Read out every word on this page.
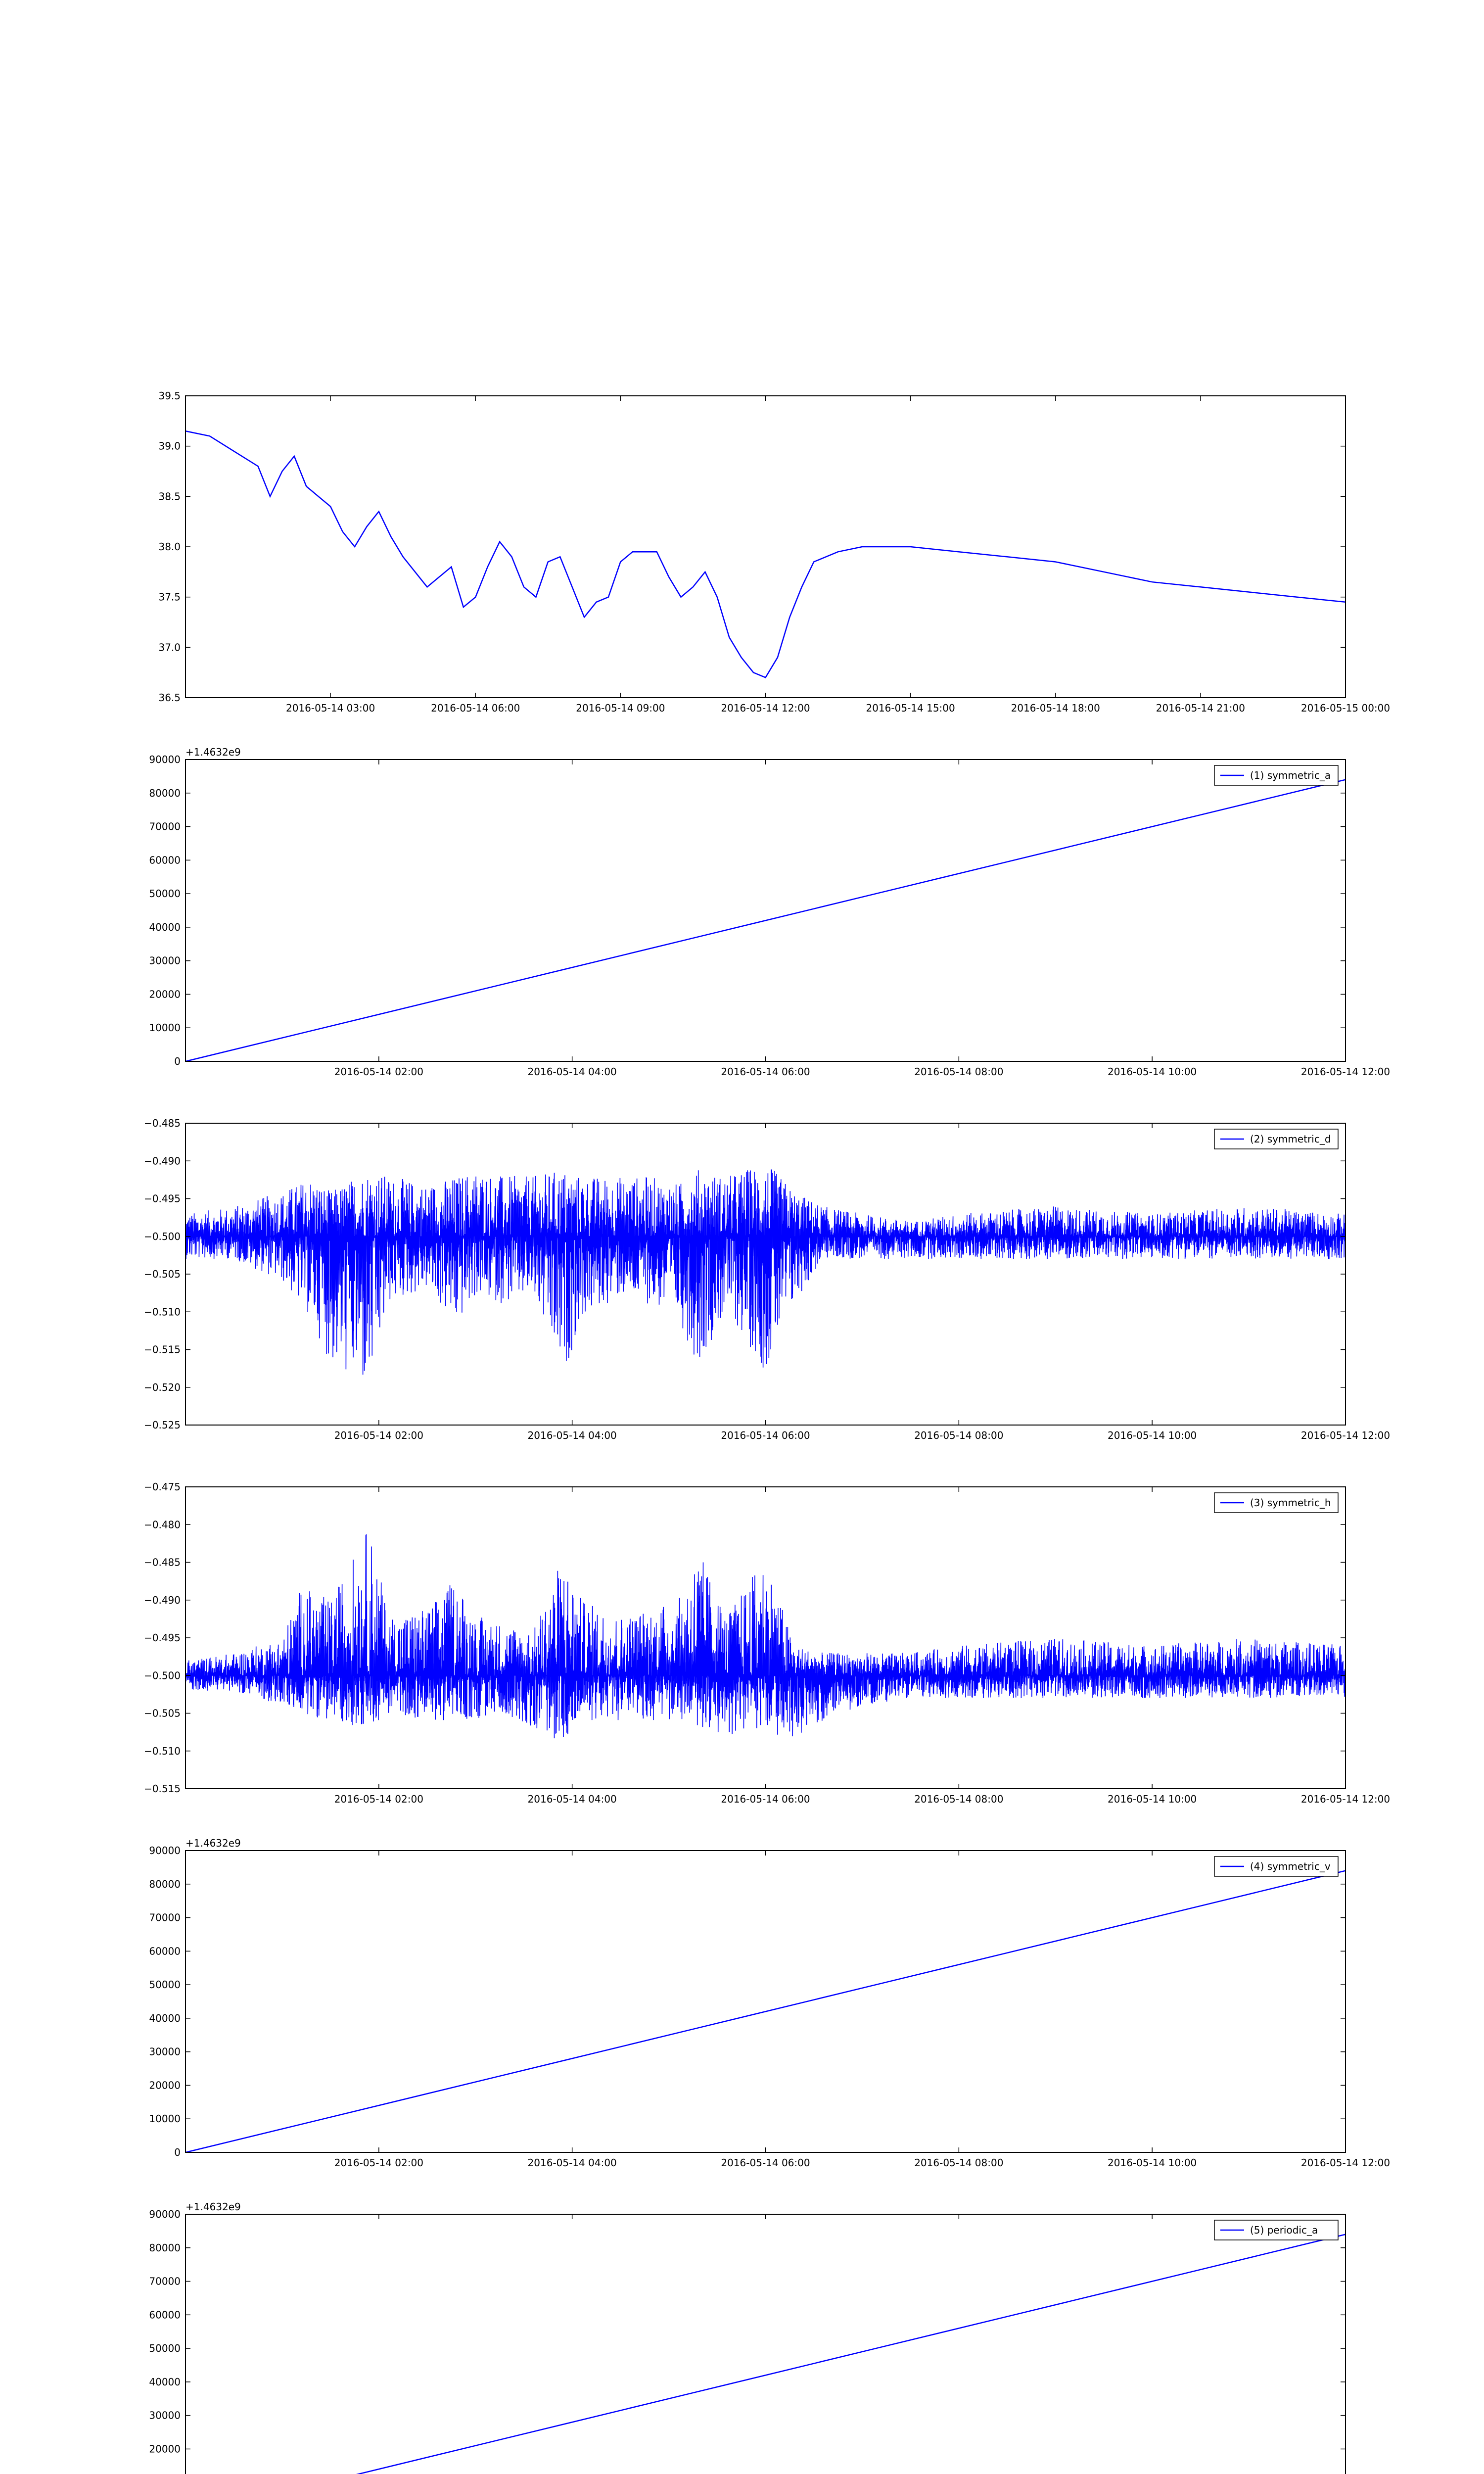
39.5
39.0
38.5
38.0
37.5
37.0
36.5
2016-05-14 03:00	2016-05-14 06:00	2016-05-14 09:00	2016-05-14 12:00	2016-05-14 15:00	2016-05-14 18:00	2016-05-14 21:00	2016-05-15 00:00
90000
80000
70000
60000
50000
40000
30000
20000
10000
0
2016-05-14 02:00	2016-05-14 04:00	2016-05-14 06:00	2016-05-14 08:00	2016-05-14 10:00	2016-05-14 12:00
+1.4632e9
(1) symmetric_a
−0.485
−0.490
−0.495
−0.500
−0.505
−0.510
−0.515
−0.520
−0.525
2016-05-14 02:00	2016-05-14 04:00	2016-05-14 06:00	2016-05-14 08:00	2016-05-14 10:00	2016-05-14 12:00
(2) symmetric_d
−0.475
−0.480
−0.485
−0.490
−0.495
−0.500
−0.505
−0.510
−0.515
2016-05-14 02:00	2016-05-14 04:00	2016-05-14 06:00	2016-05-14 08:00	2016-05-14 10:00	2016-05-14 12:00
(3) symmetric_h
90000
80000
70000
60000
50000
40000
30000
20000
10000
0
2016-05-14 02:00	2016-05-14 04:00	2016-05-14 06:00	2016-05-14 08:00	2016-05-14 10:00	2016-05-14 12:00
+1.4632e9
(4) symmetric_v
90000
80000
70000
60000
50000
40000
30000
20000
+1.4632e9
(5) periodic_a
